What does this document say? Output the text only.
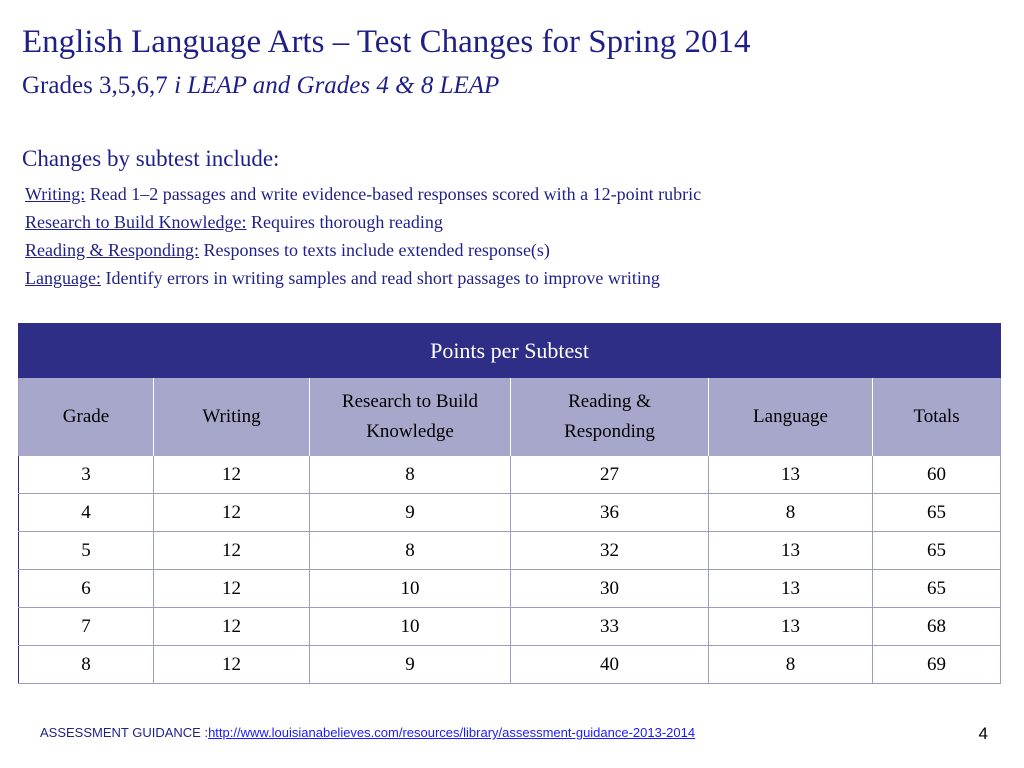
English Language Arts – Test Changes for Spring 2014
Grades 3,5,6,7 i LEAP and Grades 4 & 8 LEAP
Changes by subtest include:
Writing: Read 1–2 passages and write evidence-based responses scored with a 12-point rubric
Research to Build Knowledge: Requires thorough reading
Reading & Responding: Responses to texts include extended response(s)
Language: Identify errors in writing samples and read short passages to improve writing
Points per Subtest					
Grade	Writing	Research to Build Knowledge	Reading & Responding	Language	Totals
3	12	8	27	13	60
4	12	9	36	8	65
5	12	8	32	13	65
6	12	10	30	13	65
7	12	10	33	13	68
8	12	9	40	8	69
ASSESSMENT GUIDANCE :http://www.louisianabelieves.com/resources/library/assessment-guidance-2013-2014	4
